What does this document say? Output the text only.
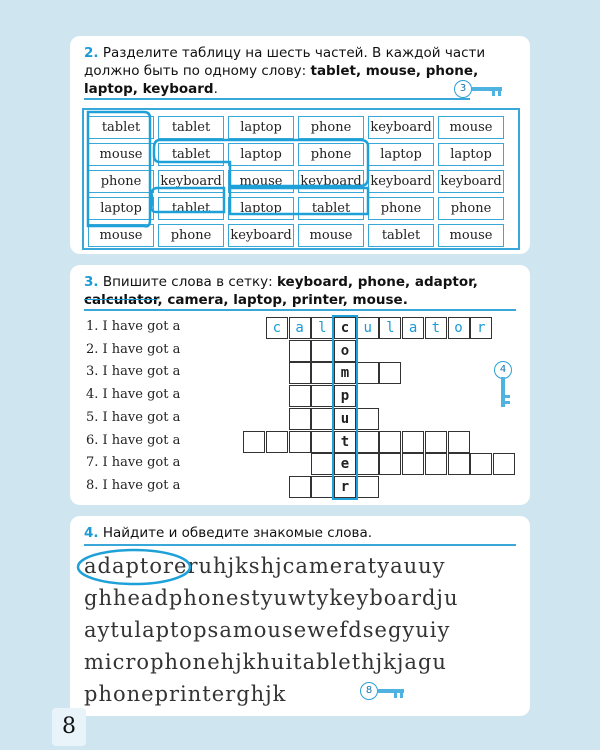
2. Разделите таблицу на шесть частей. В каждой части должно быть по одному слову: tablet, mouse, phone, laptop, keyboard.	3
tablet	tablet	laptop	phone	keyboard	mouse
mouse	tablet	laptop	phone	laptop	laptop
phone	keyboard	mouse	keyboard	keyboard	keyboard
laptop	tablet	laptop	tablet	phone	phone
mouse	phone	keyboard	mouse	tablet	mouse
3. Впишите слова в сетку: keyboard, phone, adaptor,
calculator, camera, laptop, printer, mouse.
1. I have got a
2. I have got a
3. I have got a
4. I have got a
5. I have got a
6. I have got a
7. I have got a
8. I have got a
c	a	l	c	u	l	a	t	o	r
o
m
p
u
t
e
r
4
4. Найдите и обведите знакомые слова.
adaptoreruhjkshjcameratyauuy
ghheadphonestyuwtykeyboardju
aytulaptopsamousewefdsegyuiy
microphonehjkhuitablethjkjagu
phoneprinterghjk	8
8
